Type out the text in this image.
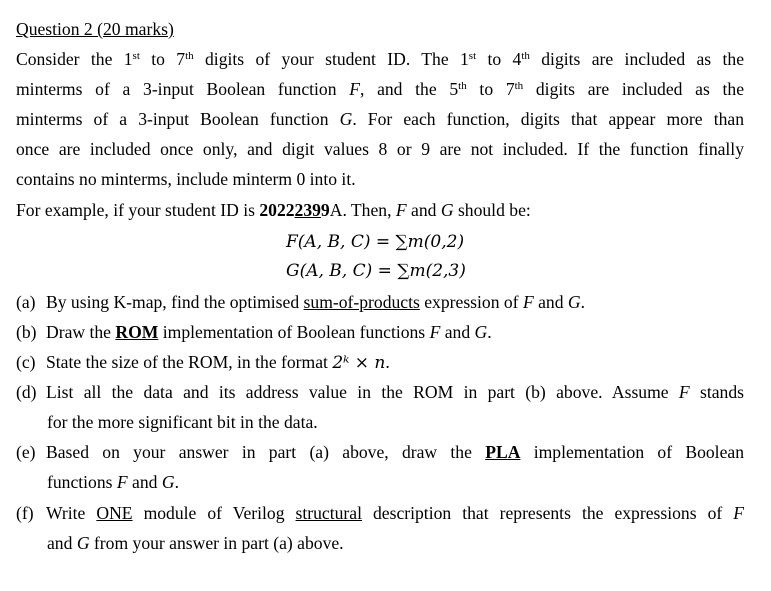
Question 2 (20 marks)
Consider the 1st to 7th digits of your student ID. The 1st to 4th digits are included as the
minterms of a 3-input Boolean function F, and the 5th to 7th digits are included as the
minterms of a 3-input Boolean function G. For each function, digits that appear more than
once are included once only, and digit values 8 or 9 are not included. If the function finally
contains no minterms, include minterm 0 into it.
For example, if your student ID is 20222399A. Then, F and G should be:
F(A, B, C) = ∑m(0,2)
G(A, B, C) = ∑m(2,3)
(a) By using K-map, find the optimised sum-of-products expression of F and G.
(b) Draw the ROM implementation of Boolean functions F and G.
(c) State the size of the ROM, in the format 2ᵏ × n.
(d) List all the data and its address value in the ROM in part (b) above. Assume F stands
for the more significant bit in the data.
(e) Based on your answer in part (a) above, draw the PLA implementation of Boolean
functions F and G.
(f) Write ONE module of Verilog structural description that represents the expressions of F
and G from your answer in part (a) above.
